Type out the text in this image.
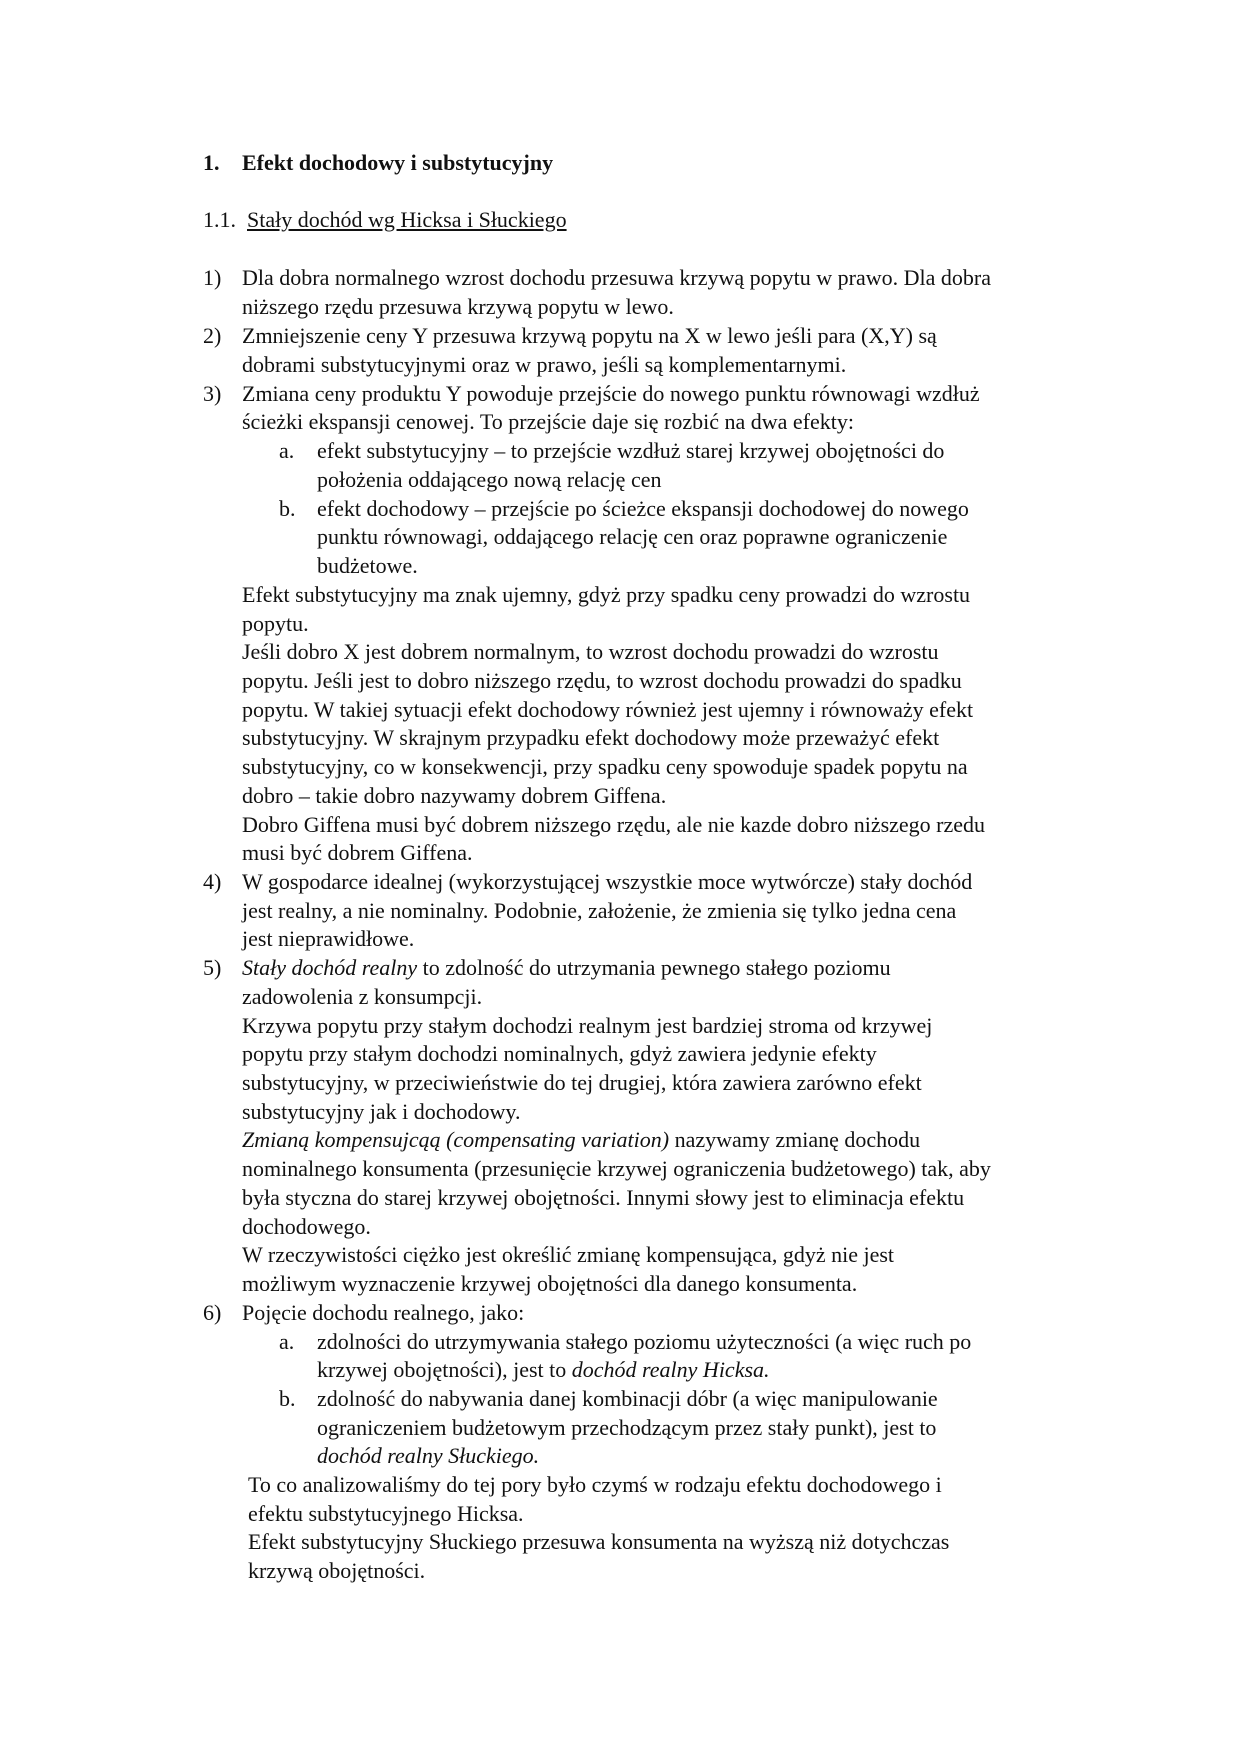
1. Efekt dochodowy i substytucyjny
1.1. Stały dochód wg Hicksa i Słuckiego
1) Dla dobra normalnego wzrost dochodu przesuwa krzywą popytu w prawo. Dla dobra
niższego rzędu przesuwa krzywą popytu w lewo.
2) Zmniejszenie ceny Y przesuwa krzywą popytu na X w lewo jeśli para (X,Y) są
dobrami substytucyjnymi oraz w prawo, jeśli są komplementarnymi.
3) Zmiana ceny produktu Y powoduje przejście do nowego punktu równowagi wzdłuż
ścieżki ekspansji cenowej. To przejście daje się rozbić na dwa efekty:
a. efekt substytucyjny – to przejście wzdłuż starej krzywej obojętności do
położenia oddającego nową relację cen
b. efekt dochodowy – przejście po ścieżce ekspansji dochodowej do nowego
punktu równowagi, oddającego relację cen oraz poprawne ograniczenie
budżetowe.
Efekt substytucyjny ma znak ujemny, gdyż przy spadku ceny prowadzi do wzrostu
popytu.
Jeśli dobro X jest dobrem normalnym, to wzrost dochodu prowadzi do wzrostu
popytu. Jeśli jest to dobro niższego rzędu, to wzrost dochodu prowadzi do spadku
popytu. W takiej sytuacji efekt dochodowy również jest ujemny i równoważy efekt
substytucyjny. W skrajnym przypadku efekt dochodowy może przeważyć efekt
substytucyjny, co w konsekwencji, przy spadku ceny spowoduje spadek popytu na
dobro – takie dobro nazywamy dobrem Giffena.
Dobro Giffena musi być dobrem niższego rzędu, ale nie kazde dobro niższego rzedu
musi być dobrem Giffena.
4) W gospodarce idealnej (wykorzystującej wszystkie moce wytwórcze) stały dochód
jest realny, a nie nominalny. Podobnie, założenie, że zmienia się tylko jedna cena
jest nieprawidłowe.
5) Stały dochód realny to zdolność do utrzymania pewnego stałego poziomu
zadowolenia z konsumpcji.
Krzywa popytu przy stałym dochodzi realnym jest bardziej stroma od krzywej
popytu przy stałym dochodzi nominalnych, gdyż zawiera jedynie efekty
substytucyjny, w przeciwieństwie do tej drugiej, która zawiera zarówno efekt
substytucyjny jak i dochodowy.
Zmianą kompensujcąą (compensating variation) nazywamy zmianę dochodu
nominalnego konsumenta (przesunięcie krzywej ograniczenia budżetowego) tak, aby
była styczna do starej krzywej obojętności. Innymi słowy jest to eliminacja efektu
dochodowego.
W rzeczywistości ciężko jest określić zmianę kompensująca, gdyż nie jest
możliwym wyznaczenie krzywej obojętności dla danego konsumenta.
6) Pojęcie dochodu realnego, jako:
a. zdolności do utrzymywania stałego poziomu użyteczności (a więc ruch po
krzywej obojętności), jest to dochód realny Hicksa.
b. zdolność do nabywania danej kombinacji dóbr (a więc manipulowanie
ograniczeniem budżetowym przechodzącym przez stały punkt), jest to
dochód realny Słuckiego.
To co analizowaliśmy do tej pory było czymś w rodzaju efektu dochodowego i
efektu substytucyjnego Hicksa.
Efekt substytucyjny Słuckiego przesuwa konsumenta na wyższą niż dotychczas
krzywą obojętności.
